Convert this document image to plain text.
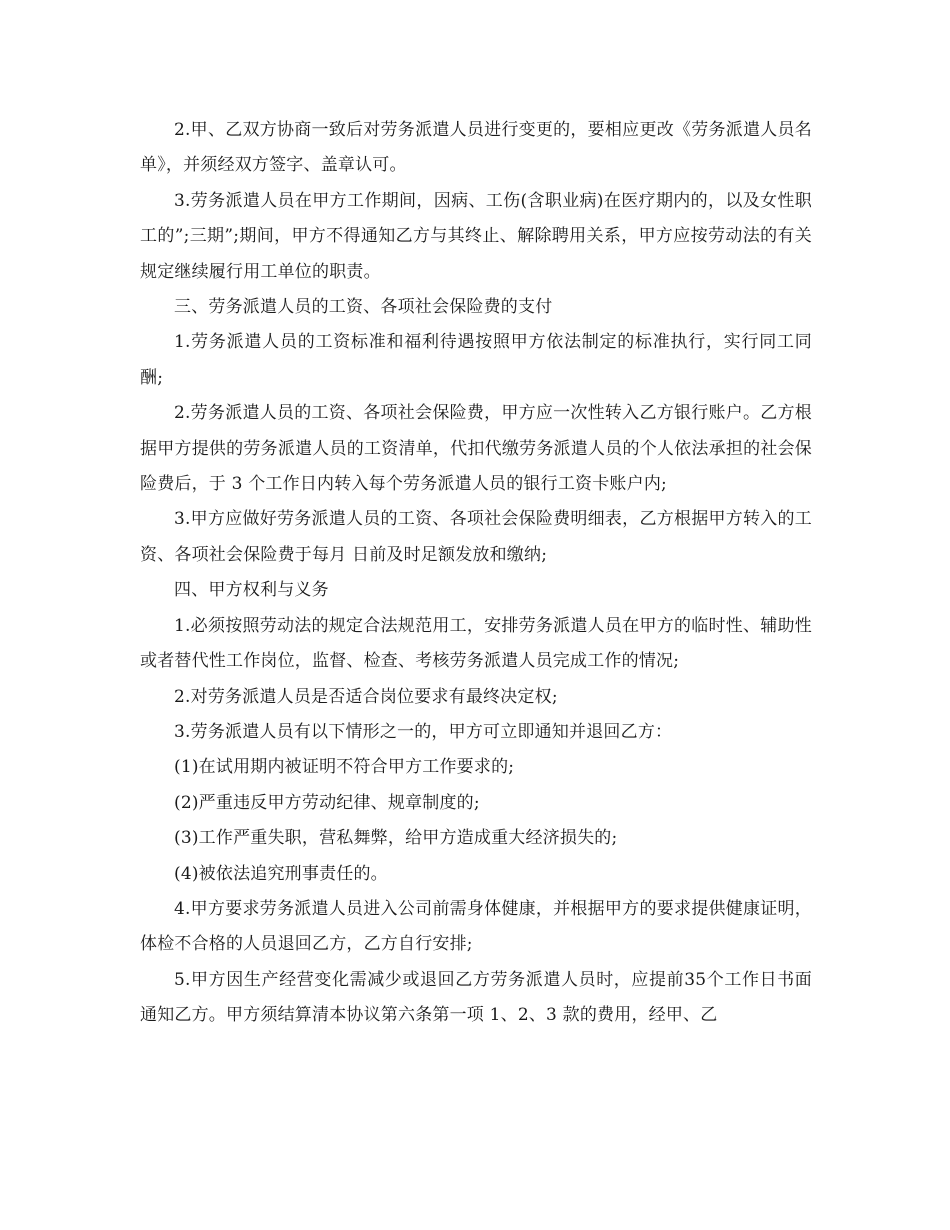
2.甲、乙双方协商一致后对劳务派遣人员进行变更的，要相应更改《劳务派遣人员名单》，并须经双方签字、盖章认可。

3.劳务派遣人员在甲方工作期间，因病、工伤(含职业病)在医疗期内的，以及女性职工的”;三期”;期间，甲方不得通知乙方与其终止、解除聘用关系，甲方应按劳动法的有关规定继续履行用工单位的职责。

三、劳务派遣人员的工资、各项社会保险费的支付

1.劳务派遣人员的工资标准和福利待遇按照甲方依法制定的标准执行，实行同工同酬;

2.劳务派遣人员的工资、各项社会保险费，甲方应一次性转入乙方银行账户。乙方根据甲方提供的劳务派遣人员的工资清单，代扣代缴劳务派遣人员的个人依法承担的社会保险费后，于 3 个工作日内转入每个劳务派遣人员的银行工资卡账户内;

3.甲方应做好劳务派遣人员的工资、各项社会保险费明细表，乙方根据甲方转入的工资、各项社会保险费于每月 日前及时足额发放和缴纳;

四、甲方权利与义务

1.必须按照劳动法的规定合法规范用工，安排劳务派遣人员在甲方的临时性、辅助性或者替代性工作岗位，监督、检查、考核劳务派遣人员完成工作的情况;

2.对劳务派遣人员是否适合岗位要求有最终决定权;

3.劳务派遣人员有以下情形之一的，甲方可立即通知并退回乙方：

(1)在试用期内被证明不符合甲方工作要求的;

(2)严重违反甲方劳动纪律、规章制度的;

(3)工作严重失职，营私舞弊，给甲方造成重大经济损失的;

(4)被依法追究刑事责任的。

4.甲方要求劳务派遣人员进入公司前需身体健康，并根据甲方的要求提供健康证明，体检不合格的人员退回乙方，乙方自行安排;

5.甲方因生产经营变化需减少或退回乙方劳务派遣人员时，应提前35个工作日书面通知乙方。甲方须结算清本协议第六条第一项 1、2、3 款的费用，经甲、乙
